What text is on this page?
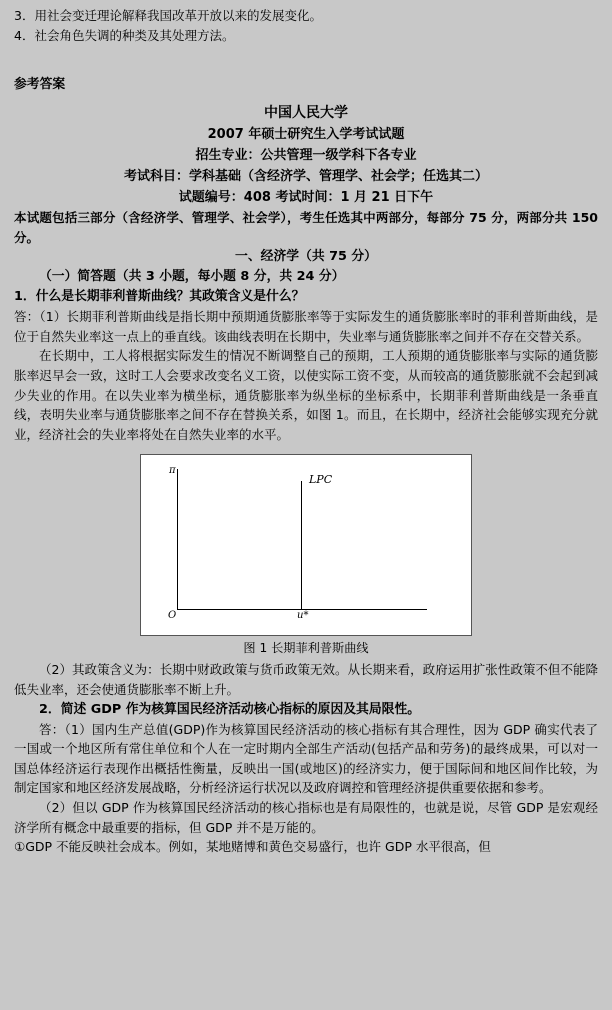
3．用社会变迁理论解释我国改革开放以来的发展变化。
4．社会角色失调的种类及其处理方法。
参考答案
中国人民大学
2007 年硕士研究生入学考试试题
招生专业：公共管理一级学科下各专业
考试科目：学科基础（含经济学、管理学、社会学；任选其二）
试题编号：408 考试时间：1 月 21 日下午

本试题包括三部分（含经济学、管理学、社会学），考生任选其中两部分，每部分 75 分，两部分共 150 分。

一、经济学（共 75 分）
（一）简答题（共 3 小题，每小题 8 分，共 24 分）
1．什么是长期菲利普斯曲线？其政策含义是什么？

答：（1）长期菲利普斯曲线是指长期中预期通货膨胀率等于实际发生的通货膨胀率时的菲利普斯曲线，是位于自然失业率这一点上的垂直线。该曲线表明在长期中，失业率与通货膨胀率之间并不存在交替关系。

在长期中，工人将根据实际发生的情况不断调整自己的预期，工人预期的通货膨胀率与实际的通货膨胀率迟早会一致，这时工人会要求改变名义工资，以使实际工资不变，从而较高的通货膨胀就不会起到减少失业的作用。在以失业率为横坐标，通货膨胀率为纵坐标的坐标系中，长期菲利普斯曲线是一条垂直线，表明失业率与通货膨胀率之间不存在替换关系，如图 1。而且，在长期中，经济社会能够实现充分就业，经济社会的失业率将处在自然失业率的水平。

π
LPC
O	u*
图 1 长期菲利普斯曲线

（2）其政策含义为：长期中财政政策与货币政策无效。从长期来看，政府运用扩张性政策不但不能降低失业率，还会使通货膨胀率不断上升。

2．简述 GDP 作为核算国民经济活动核心指标的原因及其局限性。

答：（1）国内生产总值(GDP)作为核算国民经济活动的核心指标有其合理性，因为 GDP 确实代表了一国或一个地区所有常住单位和个人在一定时期内全部生产活动(包括产品和劳务)的最终成果，可以对一国总体经济运行表现作出概括性衡量，反映出一国(或地区)的经济实力，便于国际间和地区间作比较，为制定国家和地区经济发展战略，分析经济运行状况以及政府调控和管理经济提供重要依据和参考。

（2）但以 GDP 作为核算国民经济活动的核心指标也是有局限性的，也就是说，尽管 GDP 是宏观经济学所有概念中最重要的指标，但 GDP 并不是万能的。

①GDP 不能反映社会成本。例如，某地赌博和黄色交易盛行，也许 GDP 水平很高，但
